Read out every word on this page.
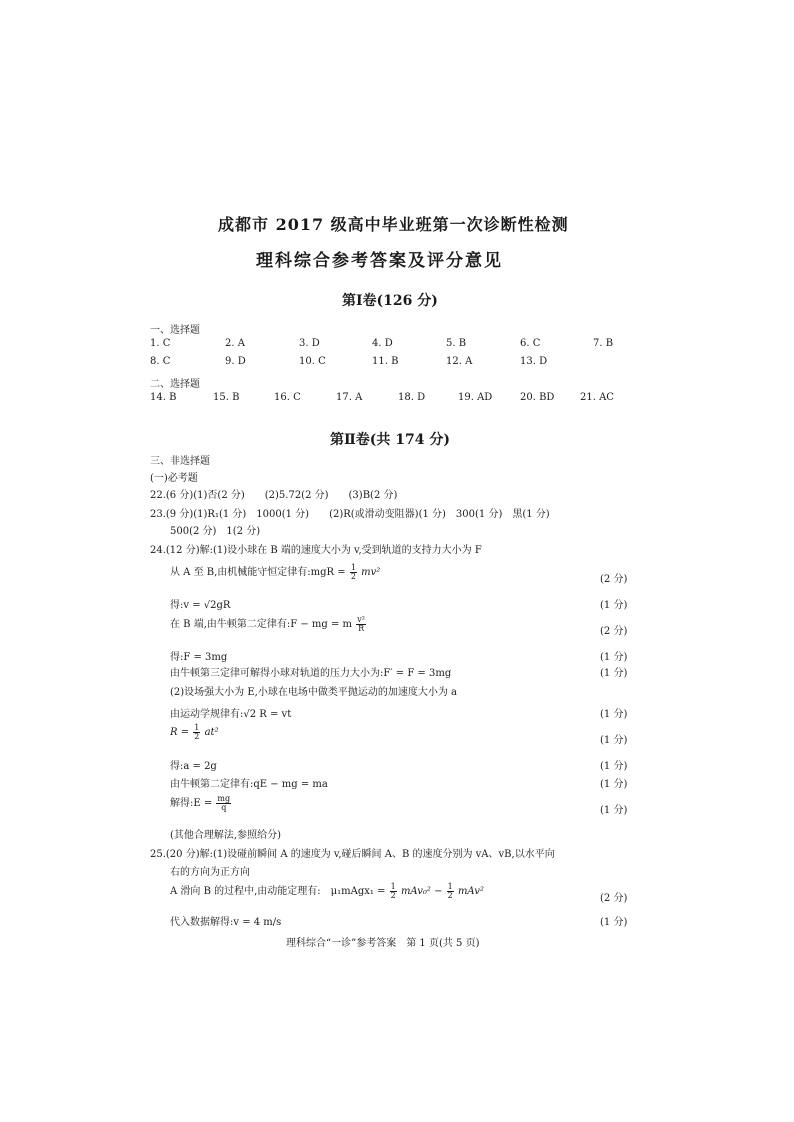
成都市 2017 级高中毕业班第一次诊断性检测
理科综合参考答案及评分意见
第Ⅰ卷(126 分)
一、选择题
1. C	2. A	3. D	4. D	5. B	6. C	7. B
8. C	9. D	10. C	11. B	12. A	13. D
二、选择题
14. B	15. B	16. C	17. A	18. D	19. AD	20. BD	21. AC
第Ⅱ卷(共 174 分)
三、非选择题
(一)必考题
22.(6 分)(1)否(2 分)　　(2)5.72(2 分)　　(3)B(2 分)
23.(9 分)(1)R₁(1 分)　1000(1 分)　　(2)R(或滑动变阻器)(1 分)　300(1 分)　黑(1 分)
500(2 分)　1(2 分)
24.(12 分)解:(1)设小球在 B 端的速度大小为 v,受到轨道的支持力大小为 F
从 A 至 B,由机械能守恒定律有:mgR = $\frac{1}{2} mv^2$
(2 分)
得:v = √2gR	(1 分)
在 B 端,由牛顿第二定律有:F − mg = m $\frac{\text{v²}}{R}$	(2 分)
得:F = 3mg	(1 分)
由牛顿第三定律可解得小球对轨道的压力大小为:F′ = F = 3mg	(1 分)
(2)设场强大小为 E,小球在电场中做类平抛运动的加速度大小为 a
由运动学规律有:√2 R = vt	(1 分)
$R = \frac{1}{2} at^2$
(1 分)
得:a = 2g	(1 分)
由牛顿第二定律有:qE − mg = ma	(1 分)
解得:E = $\frac{mg}{q}$	(1 分)
(其他合理解法,参照给分)
25.(20 分)解:(1)设碰前瞬间 A 的速度为 v,碰后瞬间 A、B 的速度分别为 vA、vB,以水平向
右的方向为正方向
A 滑向 B 的过程中,由动能定理有:　μ₁mAgx₁ = $\frac{1}{2} mAv_0^2 - \frac{1}{2} mAv^2$
(2 分)
代入数据解得:v = 4 m/s	(1 分)
理科综合“一诊”参考答案　第 1 页(共 5 页)
